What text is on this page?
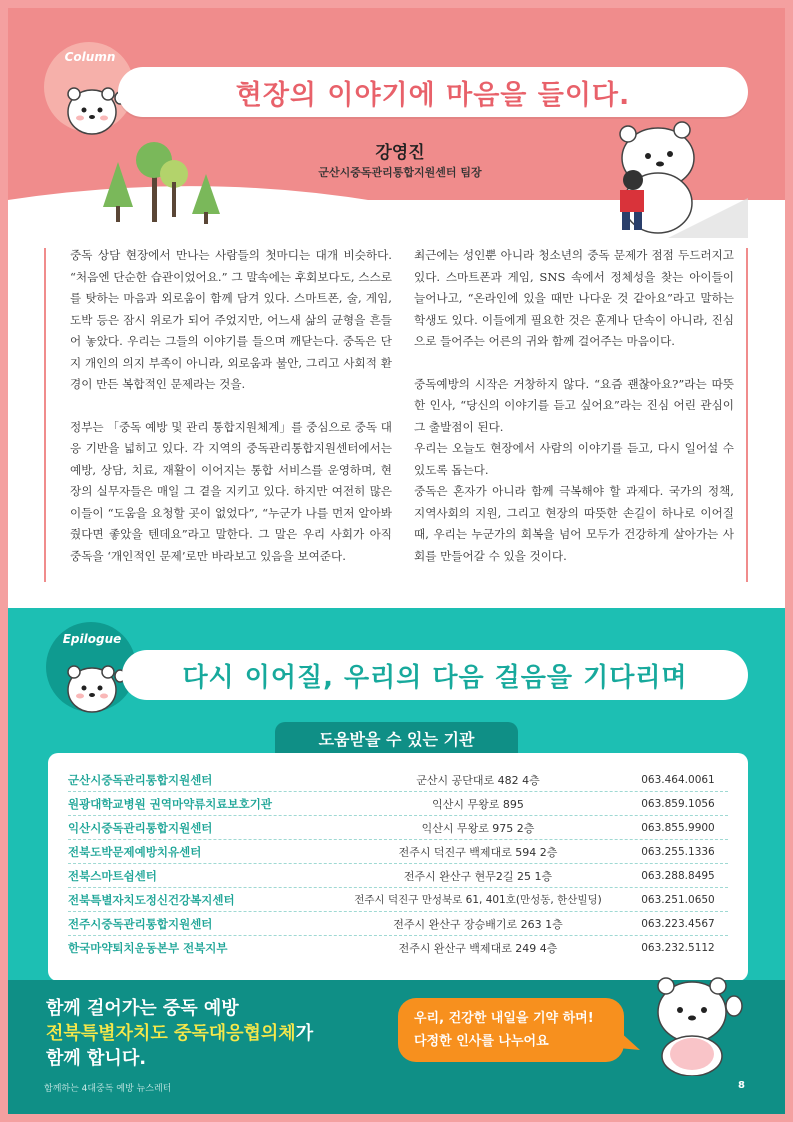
Column
현장의 이야기에 마음을 들이다.
강영진
군산시중독관리통합지원센터 팀장

중독 상담 현장에서 만나는 사람들의 첫마디는 대개 비슷하다. “처음엔 단순한 습관이었어요.” 그 말속에는 후회보다도, 스스로를 탓하는 마음과 외로움이 함께 담겨 있다. 스마트폰, 술, 게임, 도박 등은 잠시 위로가 되어 주었지만, 어느새 삶의 균형을 흔들어 놓았다. 우리는 그들의 이야기를 들으며 깨닫는다. 중독은 단지 개인의 의지 부족이 아니라, 외로움과 불안, 그리고 사회적 환경이 만든 복합적인 문제라는 것을.

정부는 「중독 예방 및 관리 통합지원체계」를 중심으로 중독 대응 기반을 넓히고 있다. 각 지역의 중독관리통합지원센터에서는 예방, 상담, 치료, 재활이 이어지는 통합 서비스를 운영하며, 현장의 실무자들은 매일 그 곁을 지키고 있다. 하지만 여전히 많은 이들이 “도움을 요청할 곳이 없었다”, “누군가 나를 먼저 알아봐줬다면 좋았을 텐데요”라고 말한다. 그 말은 우리 사회가 아직 중독을 ‘개인적인 문제’로만 바라보고 있음을 보여준다.

최근에는 성인뿐 아니라 청소년의 중독 문제가 점점 두드러지고 있다. 스마트폰과 게임, SNS 속에서 정체성을 찾는 아이들이 늘어나고, “온라인에 있을 때만 나다운 것 같아요”라고 말하는 학생도 있다. 이들에게 필요한 것은 훈계나 단속이 아니라, 진심으로 들어주는 어른의 귀와 함께 걸어주는 마음이다.

중독예방의 시작은 거창하지 않다. “요즘 괜찮아요?”라는 따뜻한 인사, “당신의 이야기를 듣고 싶어요”라는 진심 어린 관심이 그 출발점이 된다.
우리는 오늘도 현장에서 사람의 이야기를 듣고, 다시 일어설 수 있도록 돕는다.
중독은 혼자가 아니라 함께 극복해야 할 과제다. 국가의 정책, 지역사회의 지원, 그리고 현장의 따뜻한 손길이 하나로 이어질 때, 우리는 누군가의 회복을 넘어 모두가 건강하게 살아가는 사회를 만들어갈 수 있을 것이다.

Epilogue
다시 이어질, 우리의 다음 걸음을 기다리며
도움받을 수 있는 기관
군산시중독관리통합지원센터	군산시 공단대로 482 4층	063.464.0061
원광대학교병원 권역마약류치료보호기관	익산시 무왕로 895	063.859.1056
익산시중독관리통합지원센터	익산시 무왕로 975 2층	063.855.9900
전북도박문제예방치유센터	전주시 덕진구 백제대로 594 2층	063.255.1336
전북스마트쉼센터	전주시 완산구 현무2길 25 1층	063.288.8495
전북특별자치도정신건강복지센터	전주시 덕진구 만성북로 61, 401호(만성동, 한산빌딩)	063.251.0650
전주시중독관리통합지원센터	전주시 완산구 장승배기로 263 1층	063.223.4567
한국마약퇴치운동본부 전북지부	전주시 완산구 백제대로 249 4층	063.232.5112
함께 걸어가는 중독 예방
전북특별자치도 중독대응협의체가
함께 합니다.
우리, 건강한 내일을 기약 하며!
다정한 인사를 나누어요
함께하는 4대중독 예방 뉴스레터	8
